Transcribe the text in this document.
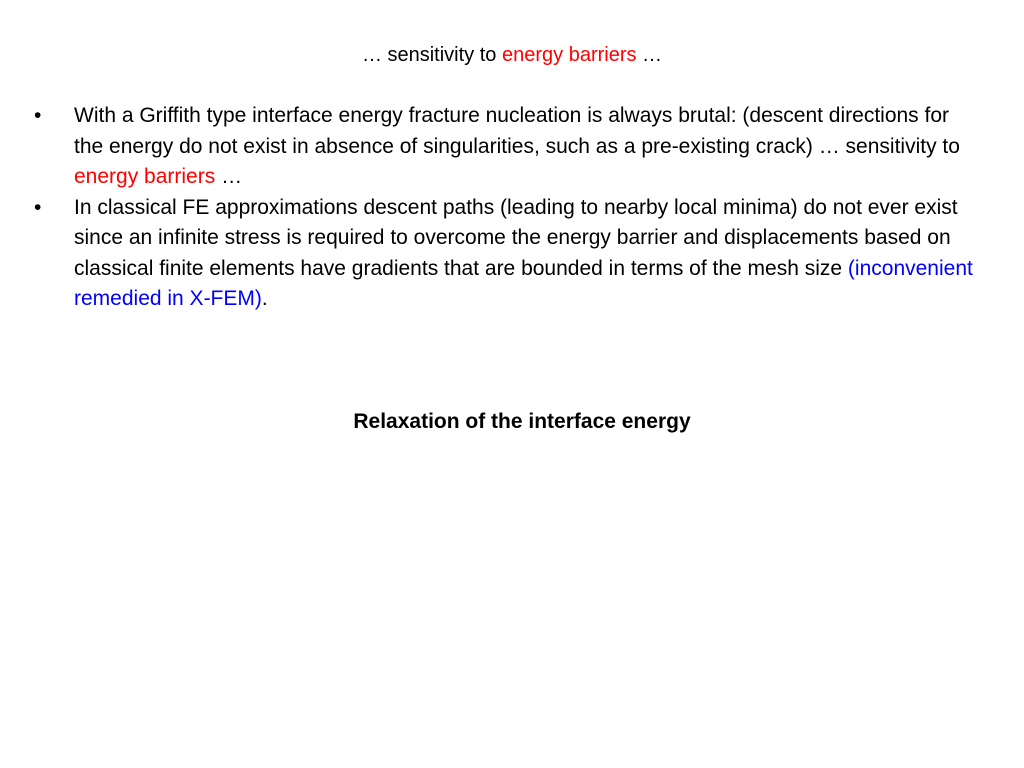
… sensitivity to energy barriers …
•	With a Griffith type interface energy fracture nucleation is always brutal: (descent directions for the energy do not exist in absence of singularities, such as a pre-existing crack) … sensitivity to energy barriers …
•	In classical FE approximations descent paths (leading to nearby local minima) do not ever exist since an infinite stress is required to overcome the energy barrier and displacements based on classical finite elements have gradients that are bounded in terms of the mesh size (inconvenient remedied in X-FEM).
Relaxation of the interface energy
